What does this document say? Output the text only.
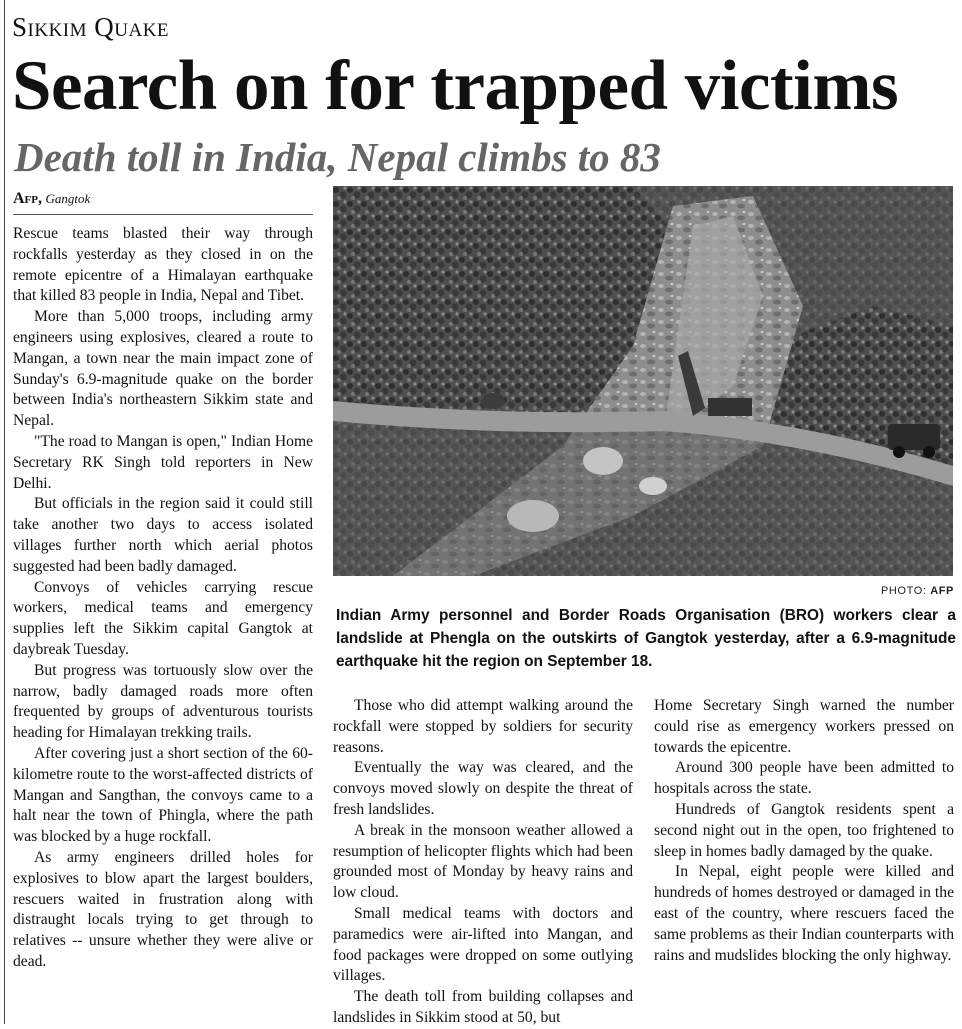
Sikkim Quake
Search on for trapped victims
Death toll in India, Nepal climbs to 83
Afp, Gangtok

Rescue teams blasted their way through rockfalls yesterday as they closed in on the remote epicentre of a Himalayan earthquake that killed 83 people in India, Nepal and Tibet.

More than 5,000 troops, including army engineers using explosives, cleared a route to Mangan, a town near the main impact zone of Sunday's 6.9-magnitude quake on the border between India's northeastern Sikkim state and Nepal.

"The road to Mangan is open," Indian Home Secretary RK Singh told reporters in New Delhi.

But officials in the region said it could still take another two days to access isolated villages further north which aerial photos suggested had been badly damaged.

Convoys of vehicles carrying rescue workers, medical teams and emergency supplies left the Sikkim capital Gangtok at daybreak Tuesday.

But progress was tortuously slow over the narrow, badly damaged roads more often frequented by groups of adventurous tourists heading for Himalayan trekking trails.

After covering just a short section of the 60-kilometre route to the worst-affected districts of Mangan and Sangthan, the convoys came to a halt near the town of Phingla, where the path was blocked by a huge rockfall.

As army engineers drilled holes for explosives to blow apart the largest boulders, rescuers waited in frustration along with distraught locals trying to get through to relatives -- unsure whether they were alive or dead.

PHOTO: AFP
Indian Army personnel and Border Roads Organisation (BRO) workers clear a landslide at Phengla on the outskirts of Gangtok yesterday, after a 6.9-magnitude earthquake hit the region on September 18.

Those who did attempt walking around the rockfall were stopped by soldiers for security reasons.

Eventually the way was cleared, and the convoys moved slowly on despite the threat of fresh landslides.

A break in the monsoon weather allowed a resumption of helicopter flights which had been grounded most of Monday by heavy rains and low cloud.

Small medical teams with doctors and paramedics were air-lifted into Mangan, and food packages were dropped on some outlying villages.

The death toll from building collapses and landslides in Sikkim stood at 50, but

Home Secretary Singh warned the number could rise as emergency workers pressed on towards the epicentre.

Around 300 people have been admitted to hospitals across the state.

Hundreds of Gangtok residents spent a second night out in the open, too frightened to sleep in homes badly damaged by the quake.

In Nepal, eight people were killed and hundreds of homes destroyed or damaged in the east of the country, where rescuers faced the same problems as their Indian counterparts with rains and mudslides blocking the only highway.
